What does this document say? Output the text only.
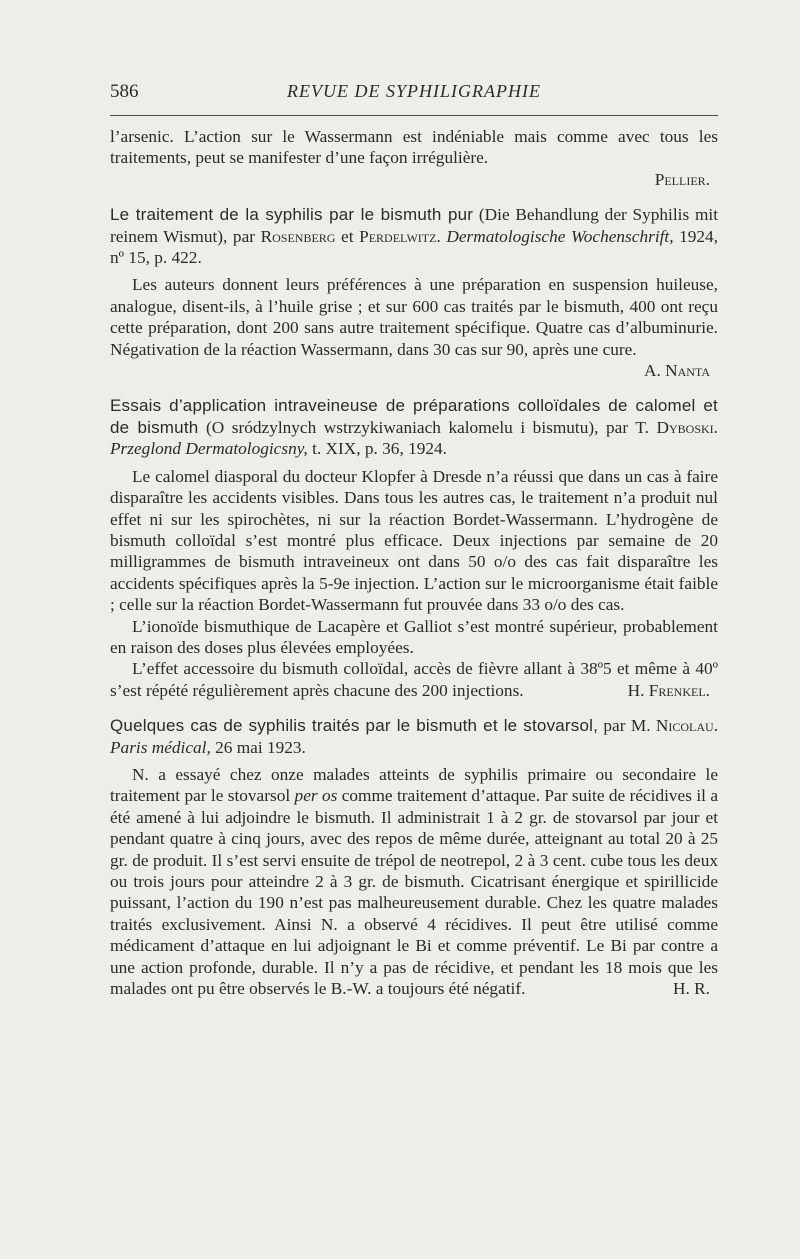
586	REVUE DE SYPHILIGRAPHIE

l’arsenic. L’action sur le Wassermann est indéniable mais comme avec tous les traitements, peut se manifester d’une façon irrégulière.

Pellier.

Le traitement de la syphilis par le bismuth pur (Die Behandlung der Syphilis mit reinem Wismut), par Rosenberg et Perdelwitz. Dermatologische Wochenschrift, 1924, nº 15, p. 422.

Les auteurs donnent leurs préférences à une préparation en suspension huileuse, analogue, disent-ils, à l’huile grise ; et sur 600 cas traités par le bismuth, 400 ont reçu cette préparation, dont 200 sans autre traitement spécifique. Quatre cas d’albuminurie. Négativation de la réaction Wassermann, dans 30 cas sur 90, après une cure.

A. Nanta

Essais d’application intraveineuse de préparations colloïdales de calomel et de bismuth (O sródzylnych wstrzykiwaniach kalomelu i bismutu), par T. Dyboski. Przeglond Dermatologicsny, t. XIX, p. 36, 1924.

Le calomel diasporal du docteur Klopfer à Dresde n’a réussi que dans un cas à faire disparaître les accidents visibles. Dans tous les autres cas, le traitement n’a produit nul effet ni sur les spirochètes, ni sur la réaction Bordet-Wassermann. L’hydrogène de bismuth colloïdal s’est montré plus efficace. Deux injections par semaine de 20 milligrammes de bismuth intraveineux ont dans 50 o/o des cas fait disparaître les accidents spécifiques après la 5-9e injection. L’action sur le microorganisme était faible ; celle sur la réaction Bordet-Wassermann fut prouvée dans 33 o/o des cas.

L’ionoïde bismuthique de Lacapère et Galliot s’est montré supérieur, probablement en raison des doses plus élevées employées.

L’effet accessoire du bismuth colloïdal, accès de fièvre allant à 38º5 et même à 40º s’est répété régulièrement après chacune des 200 injections.	H. Frenkel.

Quelques cas de syphilis traités par le bismuth et le stovarsol, par M. Nicolau. Paris médical, 26 mai 1923.

N. a essayé chez onze malades atteints de syphilis primaire ou secondaire le traitement par le stovarsol per os comme traitement d’attaque. Par suite de récidives il a été amené à lui adjoindre le bismuth. Il administrait 1 à 2 gr. de stovarsol par jour et pendant quatre à cinq jours, avec des repos de même durée, atteignant au total 20 à 25 gr. de produit. Il s’est servi ensuite de trépol de neotrepol, 2 à 3 cent. cube tous les deux ou trois jours pour atteindre 2 à 3 gr. de bismuth. Cicatrisant énergique et spirillicide puissant, l’action du 190 n’est pas malheureusement durable. Chez les quatre malades traités exclusivement. Ainsi N. a observé 4 récidives. Il peut être utilisé comme médicament d’attaque en lui adjoignant le Bi et comme préventif. Le Bi par contre a une action profonde, durable. Il n’y a pas de récidive, et pendant les 18 mois que les malades ont pu être observés le B.-W. a toujours été négatif.	H. R.
